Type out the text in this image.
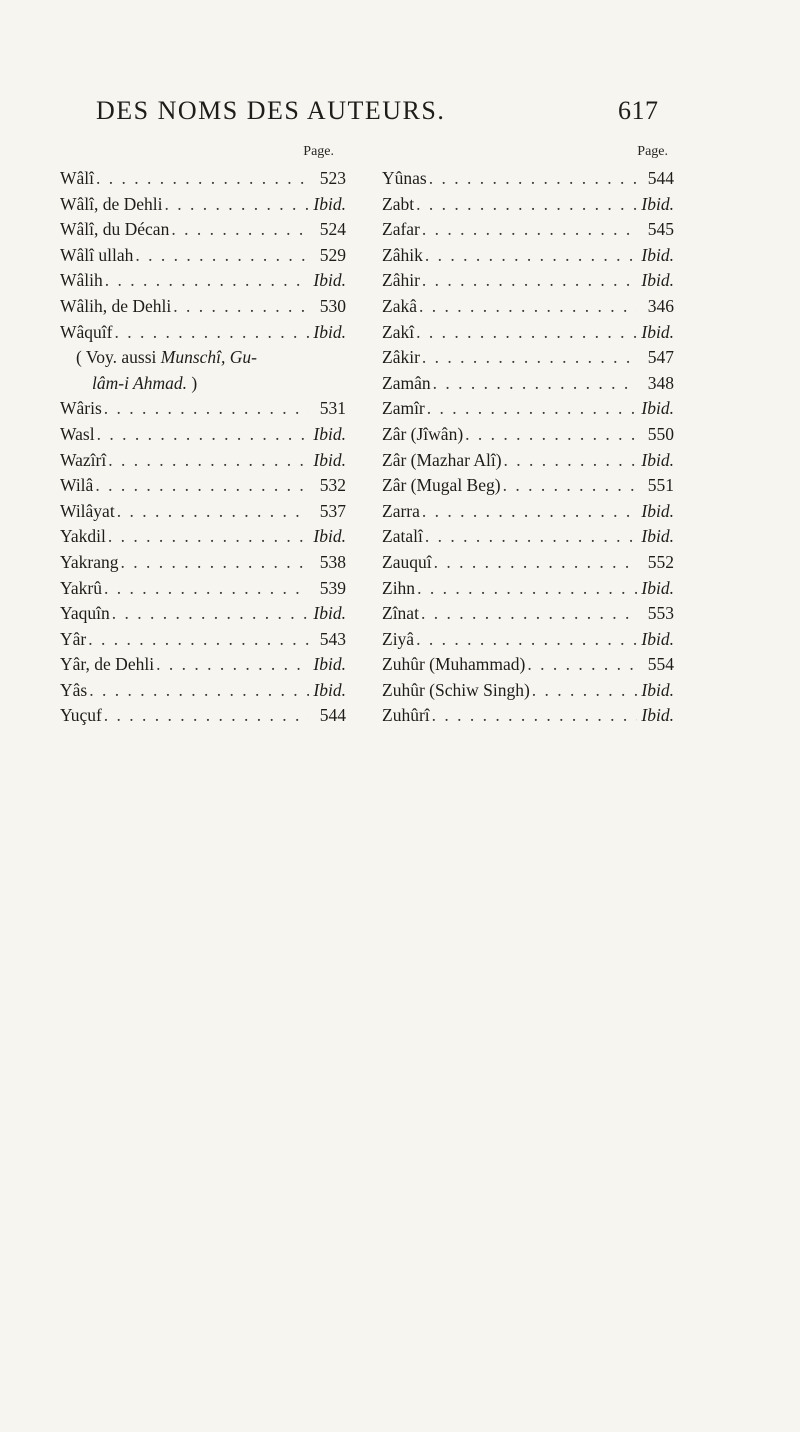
DES NOMS DES AUTEURS.	617
Page.
Wâlî . . .	523
Wâlî, de Dehli . . .	Ibid.
Wâlî, du Décan . . .	524
Wâlî ullah . . .	529
Wâlih . . .	Ibid.
Wâlih, de Dehli . . .	530
Wâquîf . . .	Ibid.
( Voy. aussi Munschî, Gu-
lâm-i Ahmad. )
Wâris . . .	531
Wasl . . .	Ibid.
Wazîrî . . .	Ibid.
Wilâ . . .	532
Wilâyat . . .	537
Yakdil . . .	Ibid.
Yakrang . . .	538
Yakrû . . .	539
Yaquîn . . .	Ibid.
Yâr . . .	543
Yâr, de Dehli . . .	Ibid.
Yâs . . .	Ibid.
Yuçuf . . .	544
Page.
Yûnas . . .	544
Zabt . . .	Ibid.
Zafar . . .	545
Zâhik . . .	Ibid.
Zâhir . . .	Ibid.
Zakâ . . .	346
Zakî . . .	Ibid.
Zâkir . . .	547
Zamân . . .	348
Zamîr . . .	Ibid.
Zâr (Jîwân) . . .	550
Zâr (Mazhar Alî) . . .	Ibid.
Zâr (Mugal Beg) . . .	551
Zarra . . .	Ibid.
Zatalî . . .	Ibid.
Zauquî . . .	552
Zihn . . .	Ibid.
Zînat . . .	553
Ziyâ . . .	Ibid.
Zuhûr (Muhammad) . . .	554
Zuhûr (Schiw Singh) . . .	Ibid.
Zuhûrî . . .	Ibid.
